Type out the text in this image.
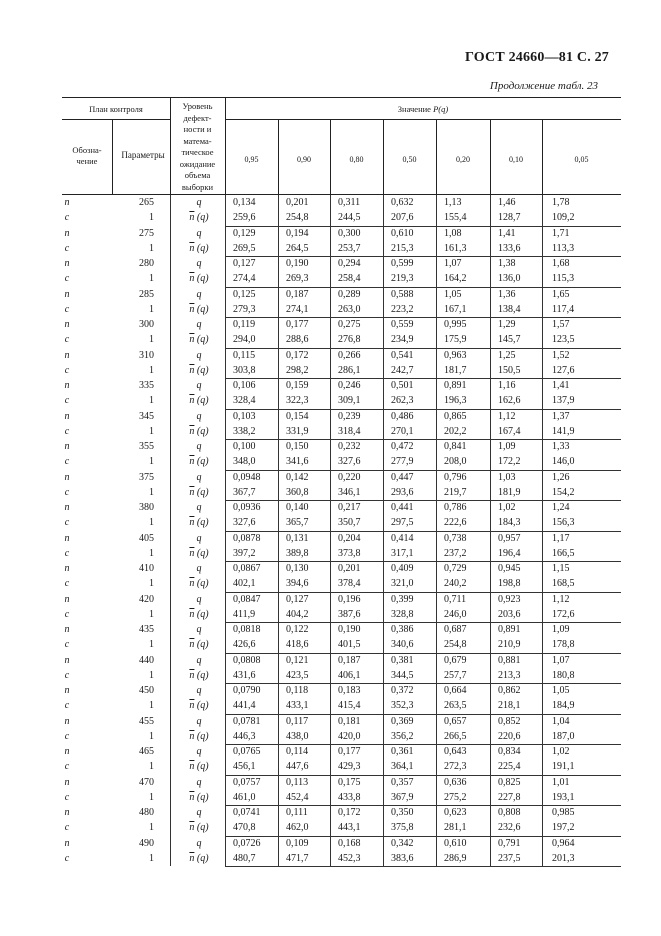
ГОСТ 24660—81 С. 27
Продолжение табл. 23
План контроля
Обозна-
чение
Параметры
Уровень
дефект-
ности и
матема-
тическое
ожидание
объема
выборки
Значение P(q)
0,95	0,90	0,80	0,50	0,20	0,10	0,05
n	265	q	0,134	0,201	0,311	0,632	1,13	1,46	1,78
c	1	$\overline{n}$ (q)	259,6	254,8	244,5	207,6	155,4	128,7	109,2
n	275	q	0,129	0,194	0,300	0,610	1,08	1,41	1,71
c	1	$\overline{n}$ (q)	269,5	264,5	253,7	215,3	161,3	133,6	113,3
n	280	q	0,127	0,190	0,294	0,599	1,07	1,38	1,68
c	1	$\overline{n}$ (q)	274,4	269,3	258,4	219,3	164,2	136,0	115,3
n	285	q	0,125	0,187	0,289	0,588	1,05	1,36	1,65
c	1	$\overline{n}$ (q)	279,3	274,1	263,0	223,2	167,1	138,4	117,4
n	300	q	0,119	0,177	0,275	0,559	0,995	1,29	1,57
c	1	$\overline{n}$ (q)	294,0	288,6	276,8	234,9	175,9	145,7	123,5
n	310	q	0,115	0,172	0,266	0,541	0,963	1,25	1,52
c	1	$\overline{n}$ (q)	303,8	298,2	286,1	242,7	181,7	150,5	127,6
n	335	q	0,106	0,159	0,246	0,501	0,891	1,16	1,41
c	1	$\overline{n}$ (q)	328,4	322,3	309,1	262,3	196,3	162,6	137,9
n	345	q	0,103	0,154	0,239	0,486	0,865	1,12	1,37
c	1	$\overline{n}$ (q)	338,2	331,9	318,4	270,1	202,2	167,4	141,9
n	355	q	0,100	0,150	0,232	0,472	0,841	1,09	1,33
c	1	$\overline{n}$ (q)	348,0	341,6	327,6	277,9	208,0	172,2	146,0
n	375	q	0,0948	0,142	0,220	0,447	0,796	1,03	1,26
c	1	$\overline{n}$ (q)	367,7	360,8	346,1	293,6	219,7	181,9	154,2
n	380	q	0,0936	0,140	0,217	0,441	0,786	1,02	1,24
c	1	$\overline{n}$ (q)	327,6	365,7	350,7	297,5	222,6	184,3	156,3
n	405	q	0,0878	0,131	0,204	0,414	0,738	0,957	1,17
c	1	$\overline{n}$ (q)	397,2	389,8	373,8	317,1	237,2	196,4	166,5
n	410	q	0,0867	0,130	0,201	0,409	0,729	0,945	1,15
c	1	$\overline{n}$ (q)	402,1	394,6	378,4	321,0	240,2	198,8	168,5
n	420	q	0,0847	0,127	0,196	0,399	0,711	0,923	1,12
c	1	$\overline{n}$ (q)	411,9	404,2	387,6	328,8	246,0	203,6	172,6
n	435	q	0,0818	0,122	0,190	0,386	0,687	0,891	1,09
c	1	$\overline{n}$ (q)	426,6	418,6	401,5	340,6	254,8	210,9	178,8
n	440	q	0,0808	0,121	0,187	0,381	0,679	0,881	1,07
c	1	$\overline{n}$ (q)	431,6	423,5	406,1	344,5	257,7	213,3	180,8
n	450	q	0,0790	0,118	0,183	0,372	0,664	0,862	1,05
c	1	$\overline{n}$ (q)	441,4	433,1	415,4	352,3	263,5	218,1	184,9
n	455	q	0,0781	0,117	0,181	0,369	0,657	0,852	1,04
c	1	$\overline{n}$ (q)	446,3	438,0	420,0	356,2	266,5	220,6	187,0
n	465	q	0,0765	0,114	0,177	0,361	0,643	0,834	1,02
c	1	$\overline{n}$ (q)	456,1	447,6	429,3	364,1	272,3	225,4	191,1
n	470	q	0,0757	0,113	0,175	0,357	0,636	0,825	1,01
c	1	$\overline{n}$ (q)	461,0	452,4	433,8	367,9	275,2	227,8	193,1
n	480	q	0,0741	0,111	0,172	0,350	0,623	0,808	0,985
c	1	$\overline{n}$ (q)	470,8	462,0	443,1	375,8	281,1	232,6	197,2
n	490	q	0,0726	0,109	0,168	0,342	0,610	0,791	0,964
c	1	$\overline{n}$ (q)	480,7	471,7	452,3	383,6	286,9	237,5	201,3
